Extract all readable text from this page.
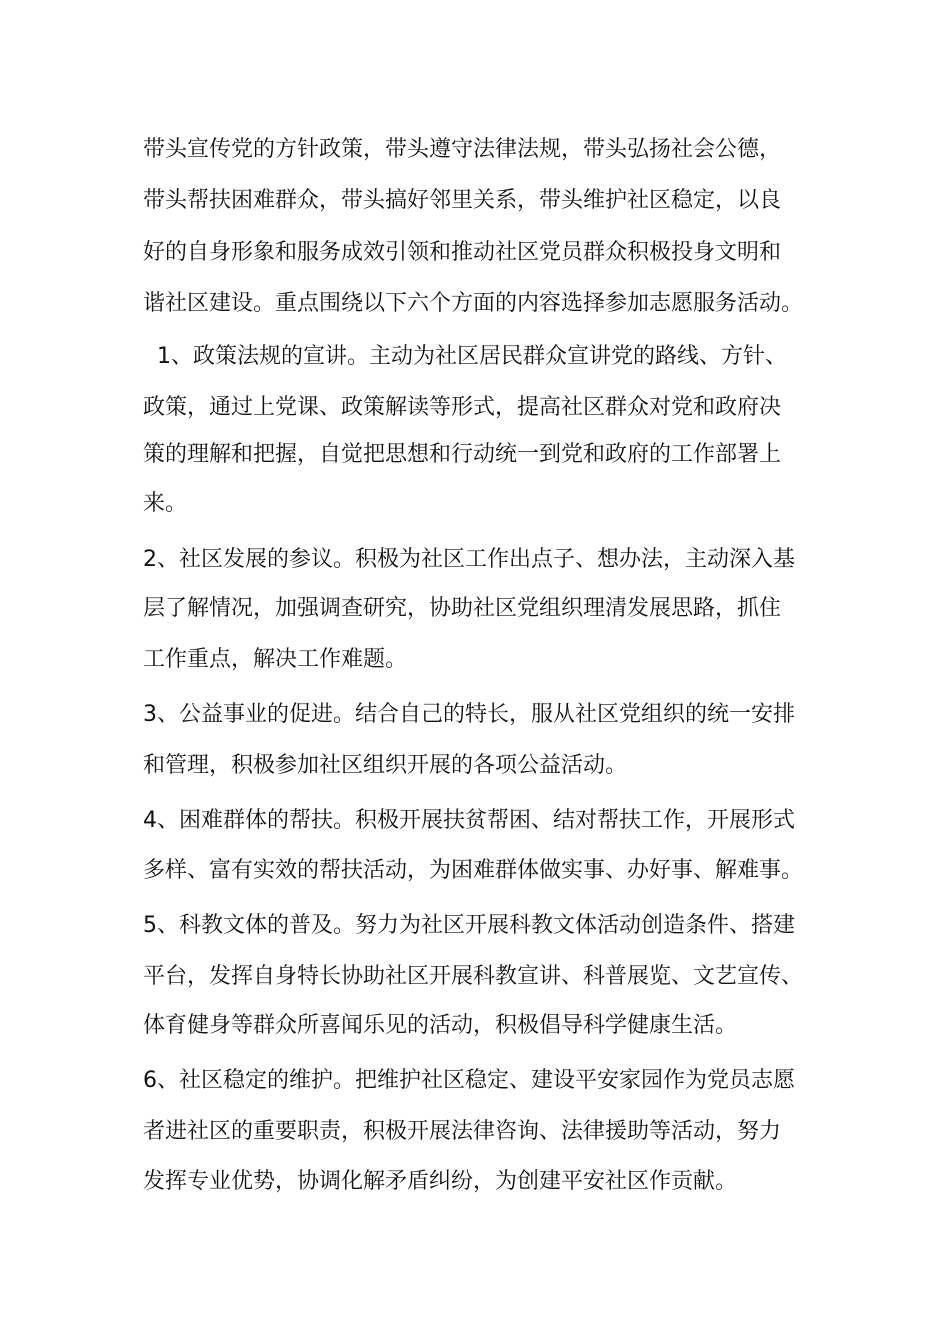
带头宣传党的方针政策，带头遵守法律法规，带头弘扬社会公德，
带头帮扶困难群众，带头搞好邻里关系，带头维护社区稳定，以良
好的自身形象和服务成效引领和推动社区党员群众积极投身文明和
谐社区建设。重点围绕以下六个方面的内容选择参加志愿服务活动。
1、政策法规的宣讲。主动为社区居民群众宣讲党的路线、方针、
政策，通过上党课、政策解读等形式，提高社区群众对党和政府决
策的理解和把握，自觉把思想和行动统一到党和政府的工作部署上
来。
2、社区发展的参议。积极为社区工作出点子、想办法，主动深入基
层了解情况，加强调查研究，协助社区党组织理清发展思路，抓住
工作重点，解决工作难题。
3、公益事业的促进。结合自己的特长，服从社区党组织的统一安排
和管理，积极参加社区组织开展的各项公益活动。
4、困难群体的帮扶。积极开展扶贫帮困、结对帮扶工作，开展形式
多样、富有实效的帮扶活动，为困难群体做实事、办好事、解难事。
5、科教文体的普及。努力为社区开展科教文体活动创造条件、搭建
平台，发挥自身特长协助社区开展科教宣讲、科普展览、文艺宣传、
体育健身等群众所喜闻乐见的活动，积极倡导科学健康生活。
6、社区稳定的维护。把维护社区稳定、建设平安家园作为党员志愿
者进社区的重要职责，积极开展法律咨询、法律援助等活动，努力
发挥专业优势，协调化解矛盾纠纷，为创建平安社区作贡献。
